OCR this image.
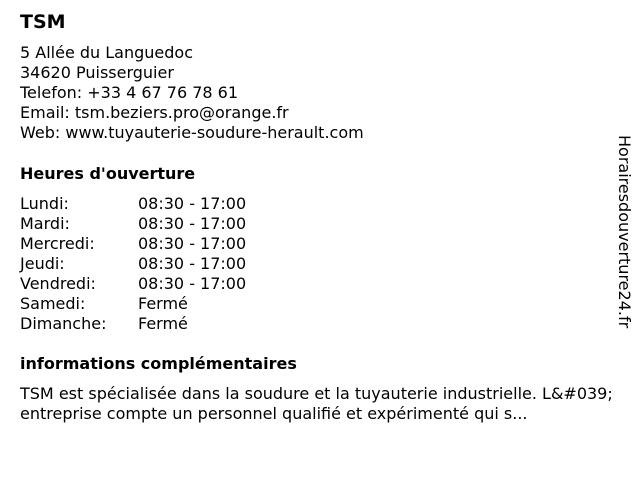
TSM
5 Allée du Languedoc
34620 Puisserguier
Telefon: +33 4 67 76 78 61
Email: tsm.beziers.pro@orange.fr
Web: www.tuyauterie-soudure-herault.com
Heures d'ouverture
Lundi:	08:30 - 17:00
Mardi:	08:30 - 17:00
Mercredi:	08:30 - 17:00
Jeudi:	08:30 - 17:00
Vendredi:	08:30 - 17:00
Samedi:	Fermé
Dimanche:	Fermé
informations complémentaires
TSM est spécialisée dans la soudure et la tuyauterie industrielle. L&#039;entreprise compte un personnel qualifié et expérimenté qui s...
Horairesdouverture24.fr
